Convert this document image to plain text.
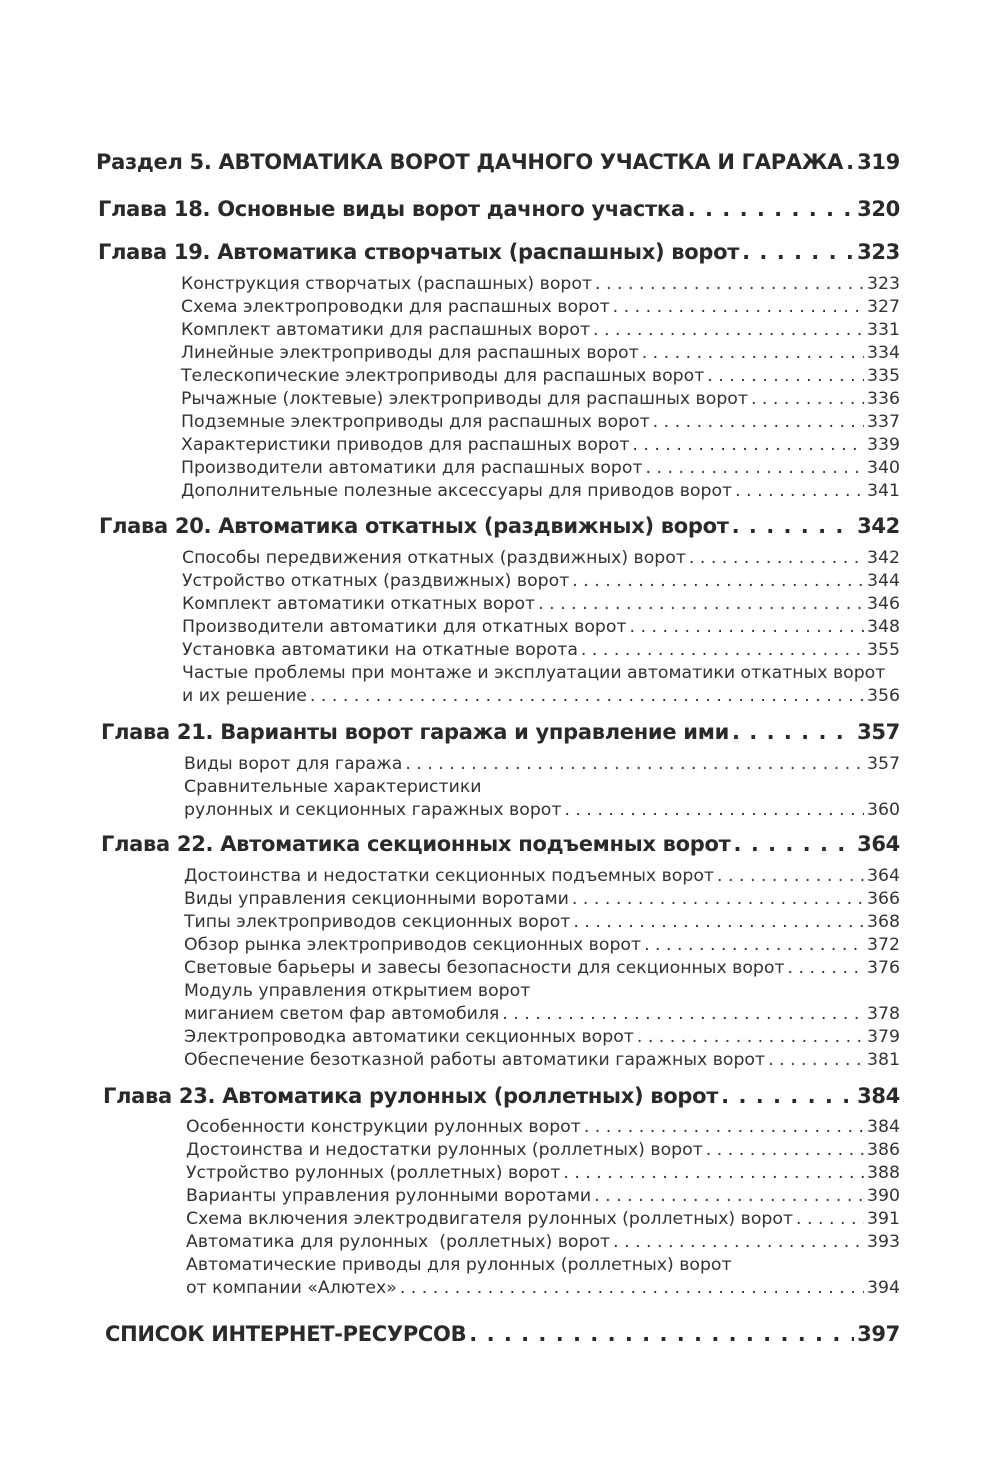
Раздел 5. АВТОМАТИКА ВОРОТ ДАЧНОГО УЧАСТКА И ГАРАЖА . . . 319
Глава 18. Основные виды ворот дачного участка . . .	320
Глава 19. Автоматика створчатых (распашных) ворот . . .	323
Конструкция створчатых (распашных) ворот . . .	323
Схема электропроводки для распашных ворот . . .	327
Комплект автоматики для распашных ворот . . .	331
Линейные электроприводы для распашных ворот . . .	334
Телескопические электроприводы для распашных ворот . . .	335
Рычажные (локтевые) электроприводы для распашных ворот . . .	336
Подземные электроприводы для распашных ворот . . .	337
Характеристики приводов для распашных ворот . . .	339
Производители автоматики для распашных ворот . . .	340
Дополнительные полезные аксессуары для приводов ворот . . .	341
Глава 20. Автоматика откатных (раздвижных) ворот . . .	342
Способы передвижения откатных (раздвижных) ворот . . .	342
Устройство откатных (раздвижных) ворот . . .	344
Комплект автоматики откатных ворот . . .	346
Производители автоматики для откатных ворот . . .	348
Установка автоматики на откатные ворота . . .	355
Частые проблемы при монтаже и эксплуатации автоматики откатных ворот
и их решение . . .	356
Глава 21. Варианты ворот гаража и управление ими . . .	357
Виды ворот для гаража . . .	357
Сравнительные характеристики
рулонных и секционных гаражных ворот . . .	360
Глава 22. Автоматика секционных подъемных ворот . . .	364
Достоинства и недостатки секционных подъемных ворот . . .	364
Виды управления секционными воротами . . .	366
Типы электроприводов секционных ворот . . .	368
Обзор рынка электроприводов секционных ворот . . .	372
Световые барьеры и завесы безопасности для секционных ворот . . .	376
Модуль управления открытием ворот
миганием светом фар автомобиля . . .	378
Электропроводка автоматики секционных ворот . . .	379
Обеспечение безотказной работы автоматики гаражных ворот . . .	381
Глава 23. Автоматика рулонных (роллетных) ворот . . .	384
Особенности конструкции рулонных ворот . . .	384
Достоинства и недостатки рулонных (роллетных) ворот . . .	386
Устройство рулонных (роллетных) ворот . . .	388
Варианты управления рулонными воротами . . .	390
Схема включения электродвигателя рулонных (роллетных) ворот . . .	391
Автоматика для рулонных  (роллетных) ворот . . .	393
Автоматические приводы для рулонных (роллетных) ворот
от компании «Алютех» . . .	394
СПИСОК ИНТЕРНЕТ-РЕСУРСОВ . . .	397
